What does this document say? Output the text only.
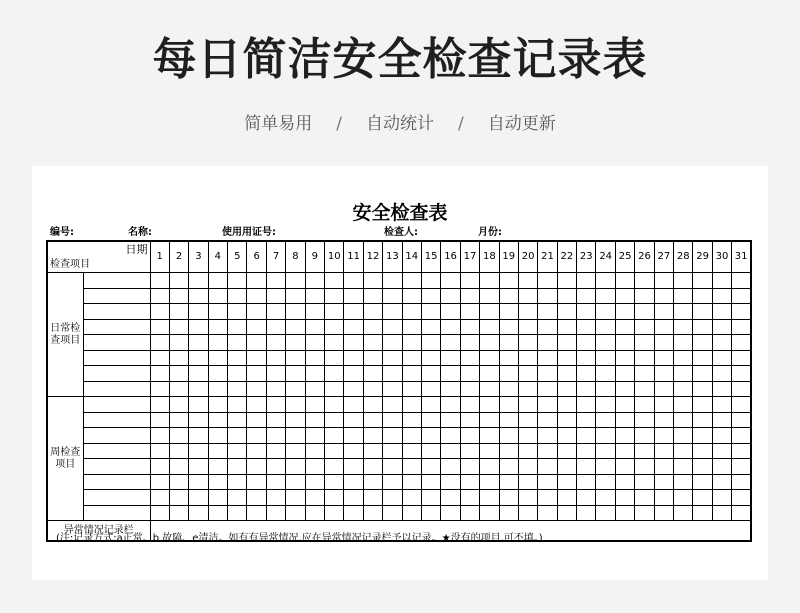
每日简洁安全检查记录表
简单易用 / 自动统计 / 自动更新
安全检查表
编号:	名称:	使用用证号:	检查人:	月份:
日期
检查项目		1	2	3	4	5	6	7	8	9	10	11	12	13	14	15	16	17	18	19	20	21	22	23	24	25	26	27	28	29	30	31
日常检查项目																																

周检查项目																																

异常情况记录栏																																
(注:记录方式:a正常、b 故障、e清洁。如有有异常情况,应在异常情况记录栏予以记录。★没有的项目,可不填。)
